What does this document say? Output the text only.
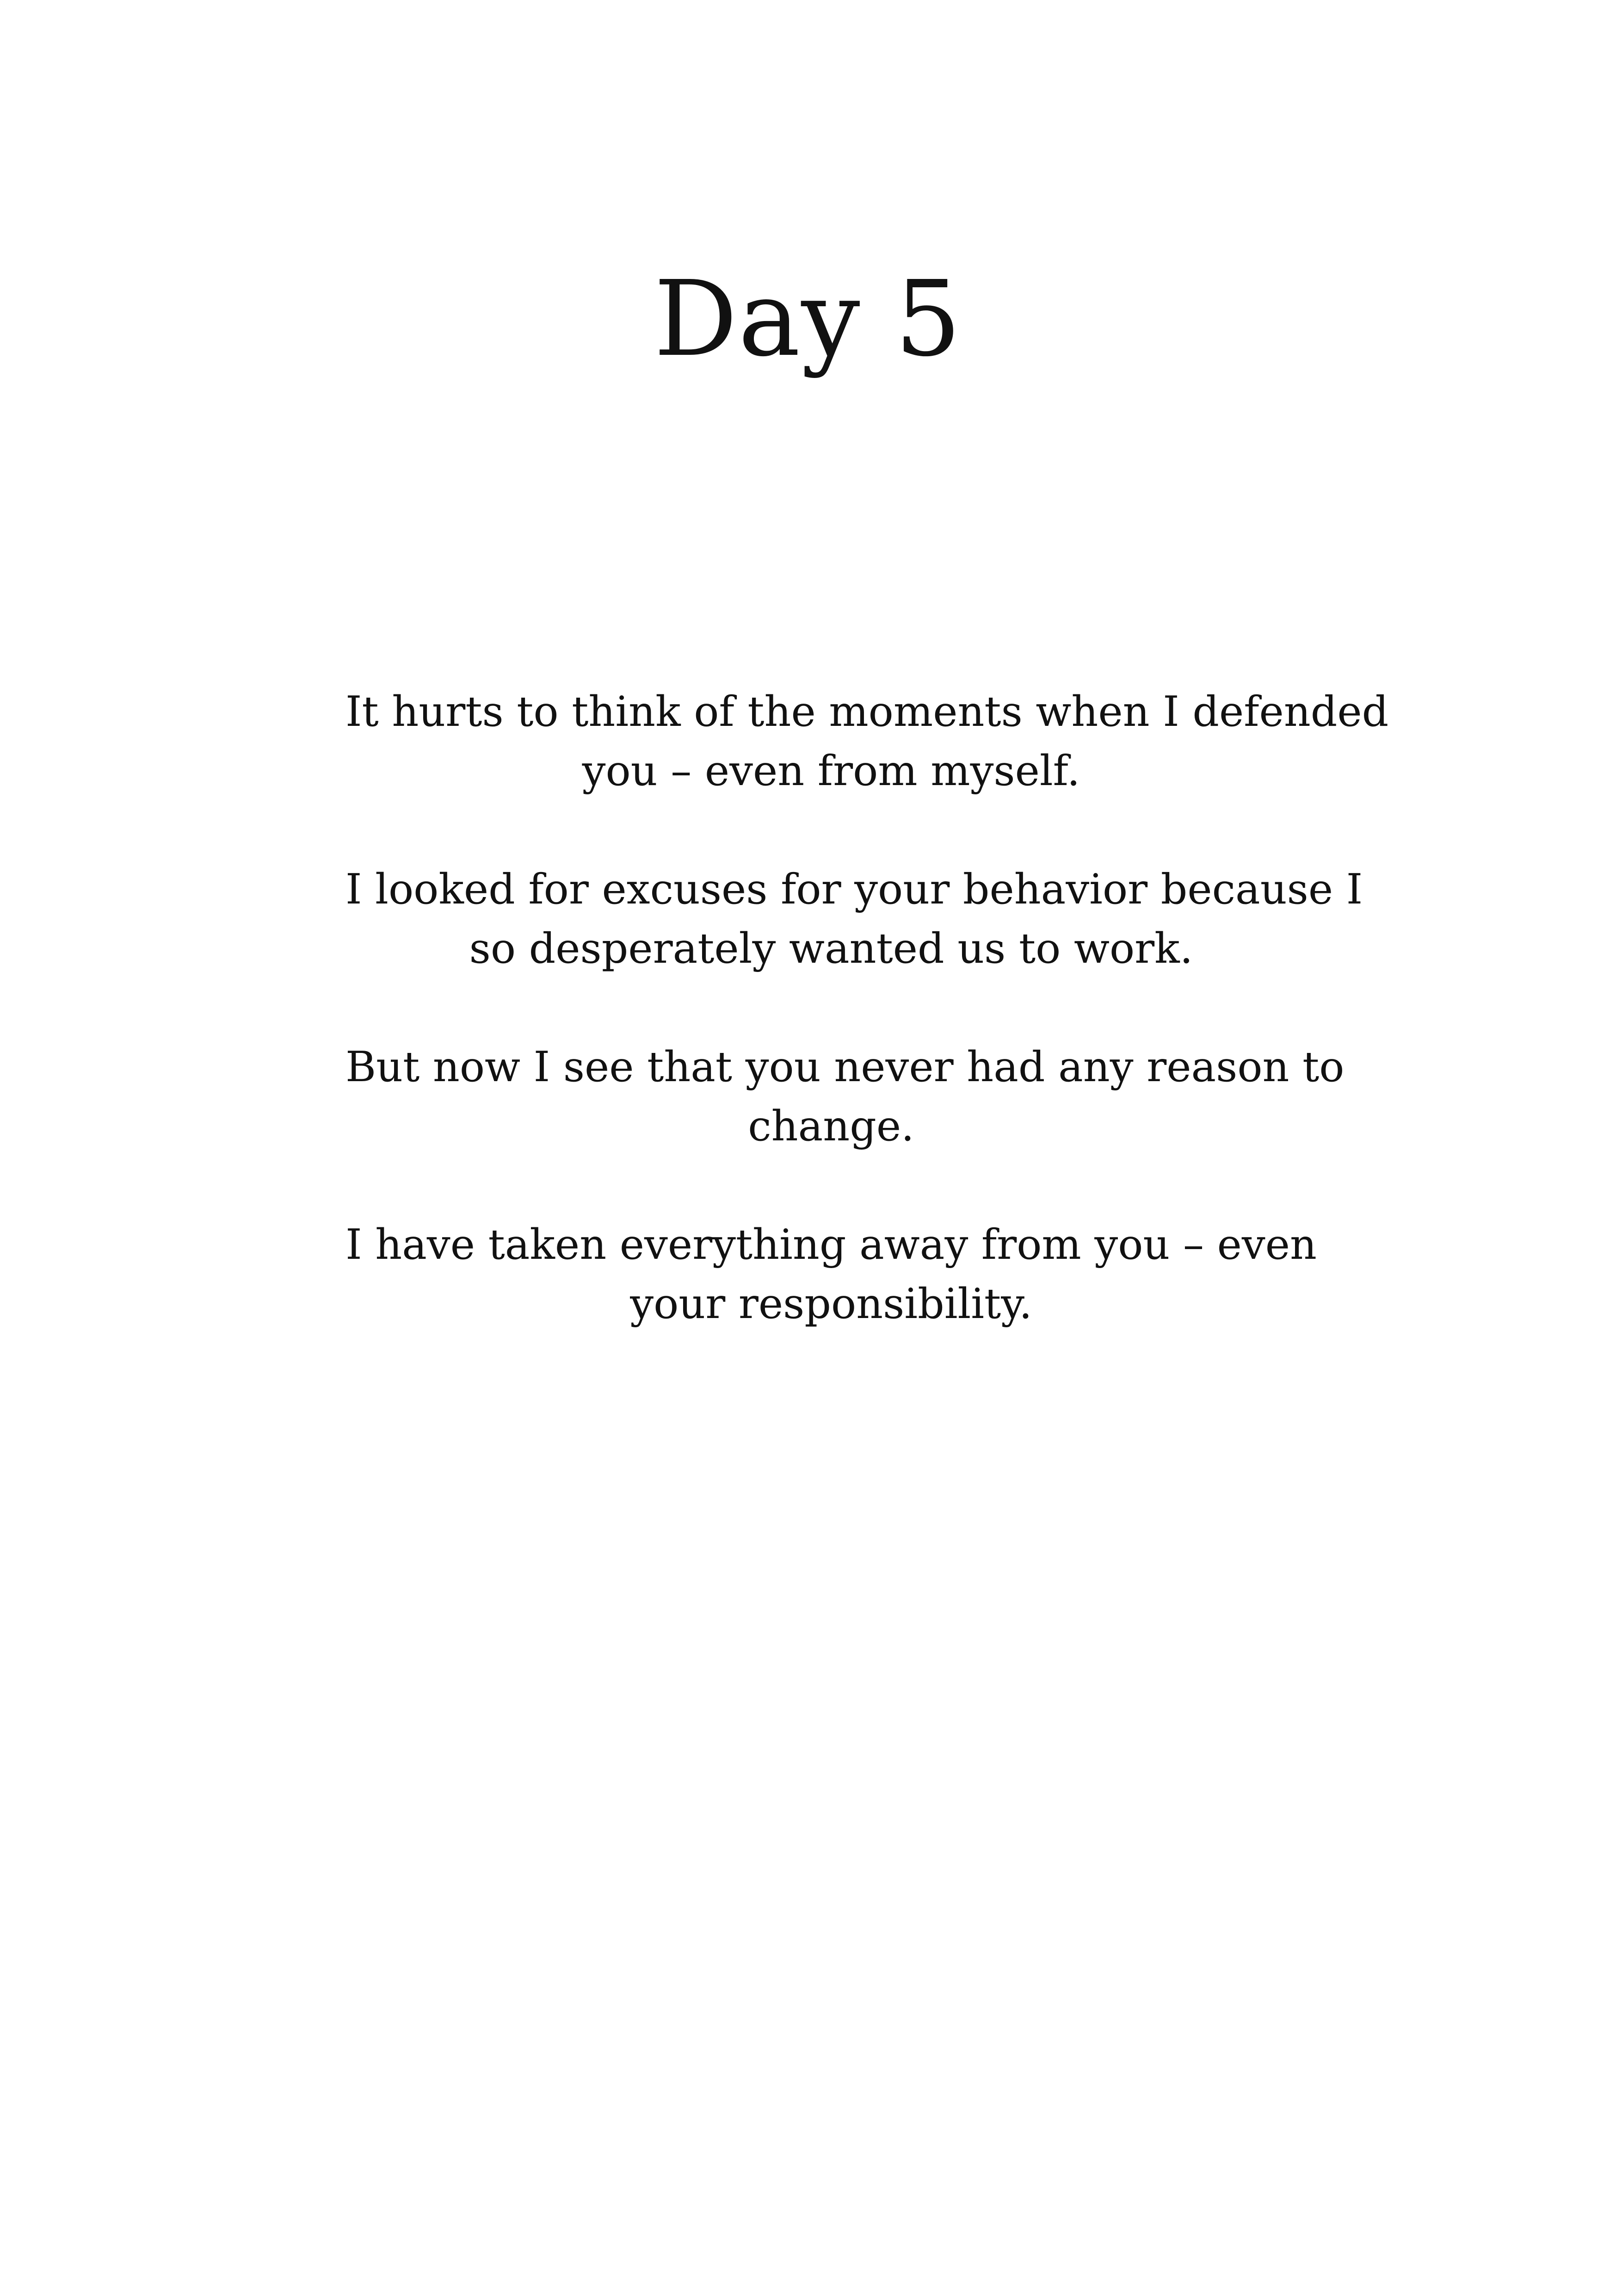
Day 5

It hurts to think of the moments when I defended
you – even from myself.

I looked for excuses for your behavior because I
so desperately wanted us to work.

But now I see that you never had any reason to
change.

I have taken everything away from you – even
your responsibility.
